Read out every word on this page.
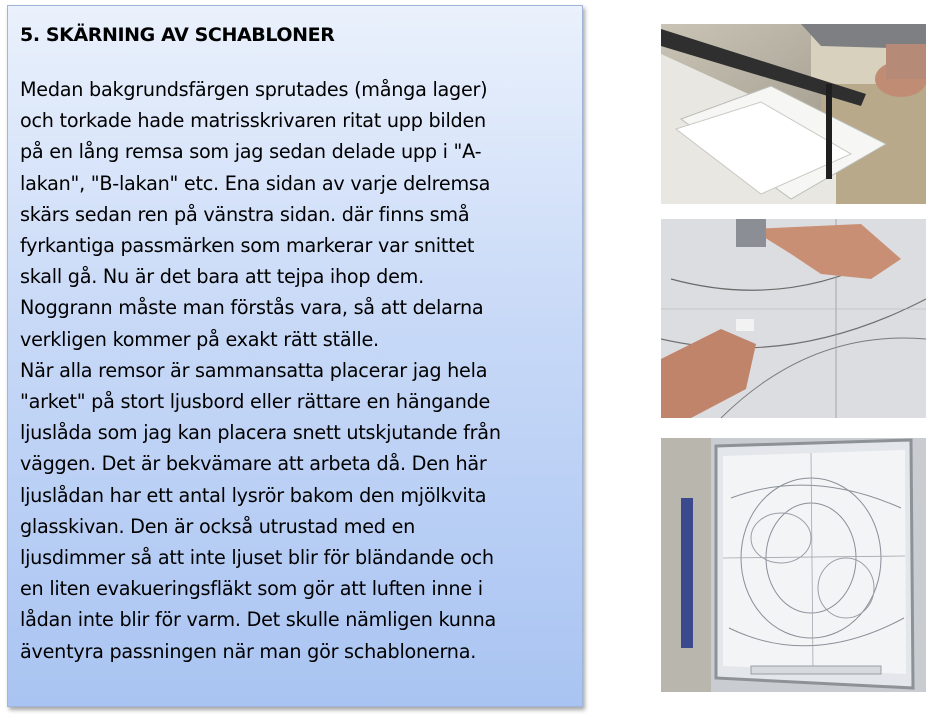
5. SKÄRNING AV SCHABLONER

Medan bakgrundsfärgen sprutades (många lager)
och torkade hade matrisskrivaren ritat upp bilden
på en lång remsa som jag sedan delade upp i "A-
lakan", "B-lakan" etc. Ena sidan av varje delremsa
skärs sedan ren på vänstra sidan. där finns små
fyrkantiga passmärken som markerar var snittet
skall gå. Nu är det bara att tejpa ihop dem.
Noggrann måste man förstås vara, så att delarna
verkligen kommer på exakt rätt ställe.
När alla remsor är sammansatta placerar jag hela
"arket" på stort ljusbord eller rättare en hängande
ljuslåda som jag kan placera snett utskjutande från
väggen. Det är bekvämare att arbeta då. Den här
ljuslådan har ett antal lysrör bakom den mjölkvita
glasskivan. Den är också utrustad med en
ljusdimmer så att inte ljuset blir för bländande och
en liten evakueringsfläkt som gör att luften inne i
lådan inte blir för varm. Det skulle nämligen kunna
äventyra passningen när man gör schablonerna.
